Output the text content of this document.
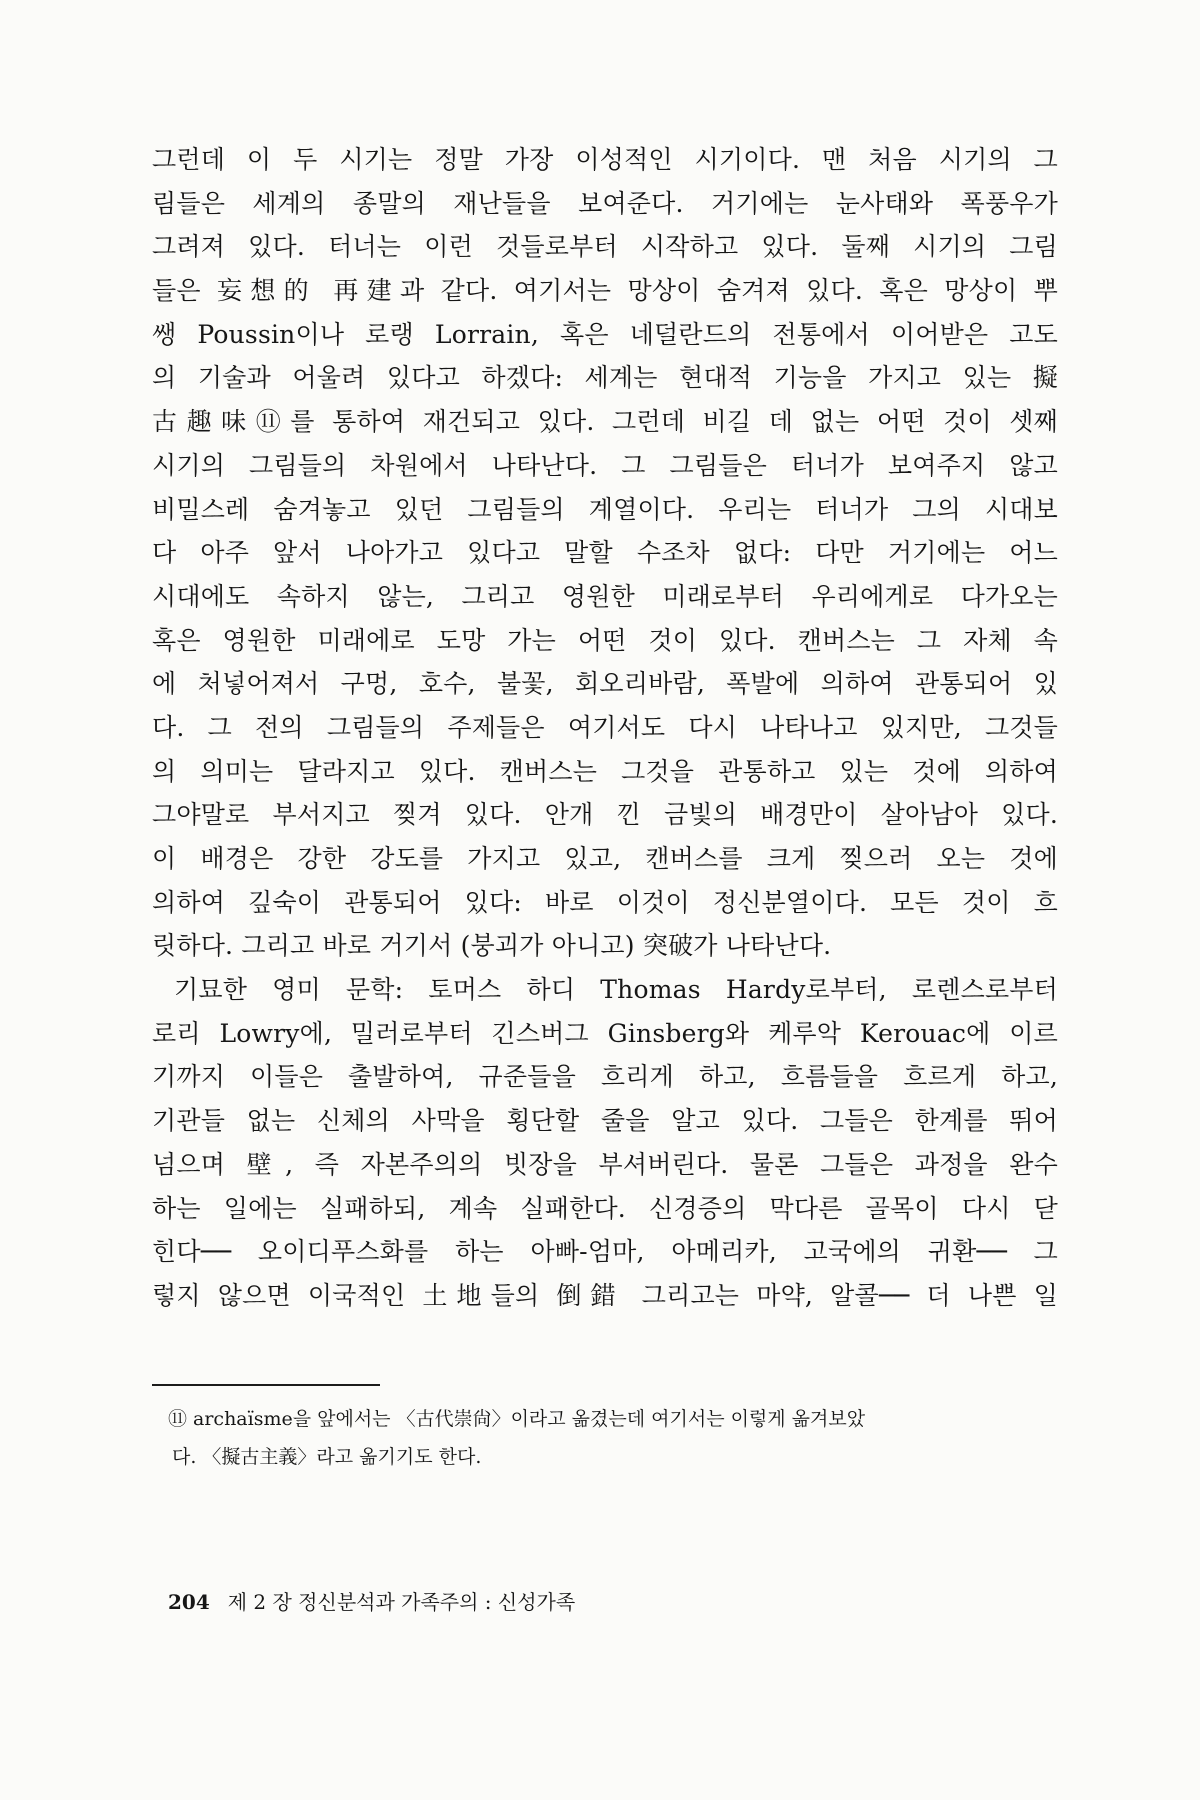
그런데 이 두 시기는 정말 가장 이성적인 시기이다. 맨 처음 시기의 그
림들은 세계의 종말의 재난들을 보여준다. 거기에는 눈사태와 폭풍우가
그려져 있다. 터너는 이런 것들로부터 시작하고 있다. 둘째 시기의 그림
들은 妄想的 再建과 같다. 여기서는 망상이 숨겨져 있다. 혹은 망상이 뿌
쌩 Poussin이나 로랭 Lorrain, 혹은 네덜란드의 전통에서 이어받은 고도
의 기술과 어울려 있다고 하겠다: 세계는 현대적 기능을 가지고 있는 擬
古趣味⑪를 통하여 재건되고 있다. 그런데 비길 데 없는 어떤 것이 셋째
시기의 그림들의 차원에서 나타난다. 그 그림들은 터너가 보여주지 않고
비밀스레 숨겨놓고 있던 그림들의 계열이다. 우리는 터너가 그의 시대보
다 아주 앞서 나아가고 있다고 말할 수조차 없다: 다만 거기에는 어느
시대에도 속하지 않는, 그리고 영원한 미래로부터 우리에게로 다가오는
혹은 영원한 미래에로 도망 가는 어떤 것이 있다. 캔버스는 그 자체 속
에 처넣어져서 구멍, 호수, 불꽃, 회오리바람, 폭발에 의하여 관통되어 있
다. 그 전의 그림들의 주제들은 여기서도 다시 나타나고 있지만, 그것들
의 의미는 달라지고 있다. 캔버스는 그것을 관통하고 있는 것에 의하여
그야말로 부서지고 찢겨 있다. 안개 낀 금빛의 배경만이 살아남아 있다.
이 배경은 강한 강도를 가지고 있고, 캔버스를 크게 찢으러 오는 것에
의하여 깊숙이 관통되어 있다: 바로 이것이 정신분열이다. 모든 것이 흐
릿하다. 그리고 바로 거기서 (붕괴가 아니고) 突破가 나타난다.
기묘한 영미 문학: 토머스 하디 Thomas Hardy로부터, 로렌스로부터
로리 Lowry에, 밀러로부터 긴스버그 Ginsberg와 케루악 Kerouac에 이르
기까지 이들은 출발하여, 규준들을 흐리게 하고, 흐름들을 흐르게 하고,
기관들 없는 신체의 사막을 횡단할 줄을 알고 있다. 그들은 한계를 뛰어
넘으며 壁, 즉 자본주의의 빗장을 부셔버린다. 물론 그들은 과정을 완수
하는 일에는 실패하되, 계속 실패한다. 신경증의 막다른 골목이 다시 닫
힌다── 오이디푸스화를 하는 아빠-엄마, 아메리카, 고국에의 귀환── 그
렇지 않으면 이국적인 土地들의 倒錯 그리고는 마약, 알콜── 더 나쁜 일
⑪ archaïsme을 앞에서는 〈古代崇尙〉이라고 옮겼는데 여기서는 이렇게 옮겨보았
다. 〈擬古主義〉라고 옮기기도 한다.
204 제 2 장 정신분석과 가족주의 : 신성가족
